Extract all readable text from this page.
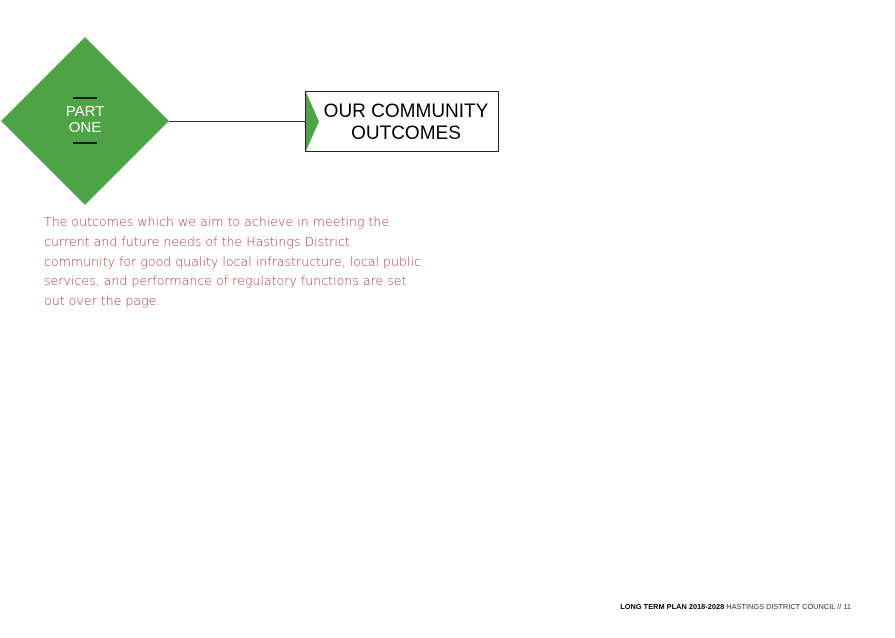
PART
ONE
OUR COMMUNITY
OUTCOMES

The outcomes which we aim to achieve in meeting the current and future needs of the Hastings District community for good quality local infrastructure, local public services, and performance of regulatory functions are set out over the page.

LONG TERM PLAN 2018-2028 HASTINGS DISTRICT COUNCIL // 11
